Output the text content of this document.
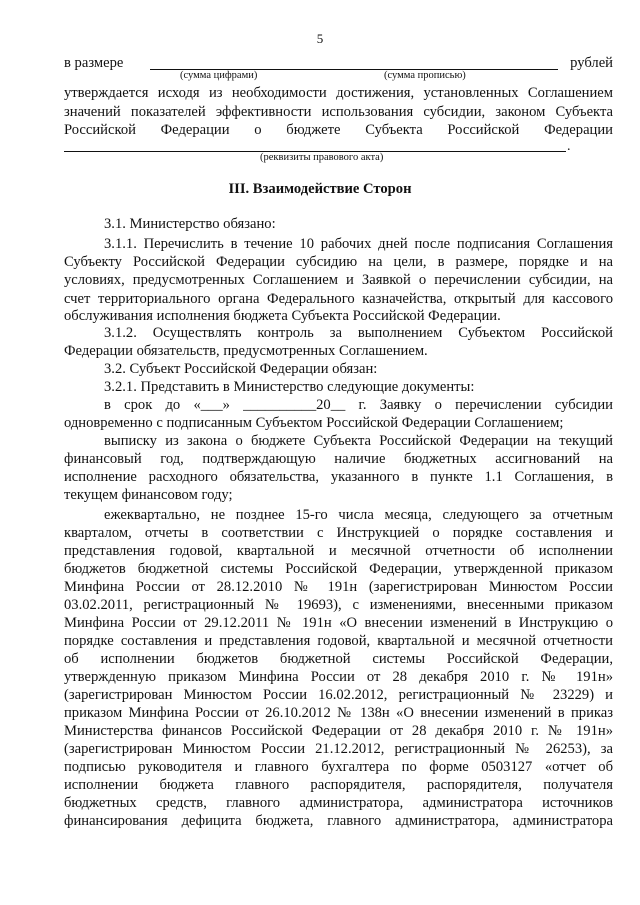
5
в размере	рублей
(сумма цифрами)	(сумма прописью)
утверждается исходя из необходимости достижения, установленных Соглашением
значений показателей эффективности использования субсидии, законом Субъекта
Российской Федерации о бюджете Субъекта Российской Федерации
.
(реквизиты правового акта)
III. Взаимодействие Сторон
3.1. Министерство обязано:
3.1.1. Перечислить в течение 10 рабочих дней после подписания Соглашения
Субъекту Российской Федерации субсидию на цели, в размере, порядке и на
условиях, предусмотренных Соглашением и Заявкой о перечислении субсидии, на
счет территориального органа Федерального казначейства, открытый для кассового
обслуживания исполнения бюджета Субъекта Российской Федерации.
3.1.2. Осуществлять контроль за выполнением Субъектом Российской
Федерации обязательств, предусмотренных Соглашением.
3.2. Субъект Российской Федерации обязан:
3.2.1. Представить в Министерство следующие документы:
в срок до «___» __________20__ г. Заявку о перечислении субсидии
одновременно с подписанным Субъектом Российской Федерации Соглашением;
выписку из закона о бюджете Субъекта Российской Федерации на текущий
финансовый год, подтверждающую наличие бюджетных ассигнований на
исполнение расходного обязательства, указанного в пункте 1.1 Соглашения, в
текущем финансовом году;
ежеквартально, не позднее 15-го числа месяца, следующего за отчетным
кварталом, отчеты в соответствии с Инструкцией о порядке составления и
представления годовой, квартальной и месячной отчетности об исполнении
бюджетов бюджетной системы Российской Федерации, утвержденной приказом
Минфина России от 28.12.2010 № 191н (зарегистрирован Минюстом России
03.02.2011, регистрационный № 19693), с изменениями, внесенными приказом
Минфина России от 29.12.2011 № 191н «О внесении изменений в Инструкцию о
порядке составления и представления годовой, квартальной и месячной отчетности
об исполнении бюджетов бюджетной системы Российской Федерации,
утвержденную приказом Минфина России от 28 декабря 2010 г. № 191н»
(зарегистрирован Минюстом России 16.02.2012, регистрационный № 23229) и
приказом Минфина России от 26.10.2012 № 138н «О внесении изменений в приказ
Министерства финансов Российской Федерации от 28 декабря 2010 г. № 191н»
(зарегистрирован Минюстом России 21.12.2012, регистрационный № 26253), за
подписью руководителя и главного бухгалтера по форме 0503127 «отчет об
исполнении бюджета главного распорядителя, распорядителя, получателя
бюджетных средств, главного администратора, администратора источников
финансирования дефицита бюджета, главного администратора, администратора
